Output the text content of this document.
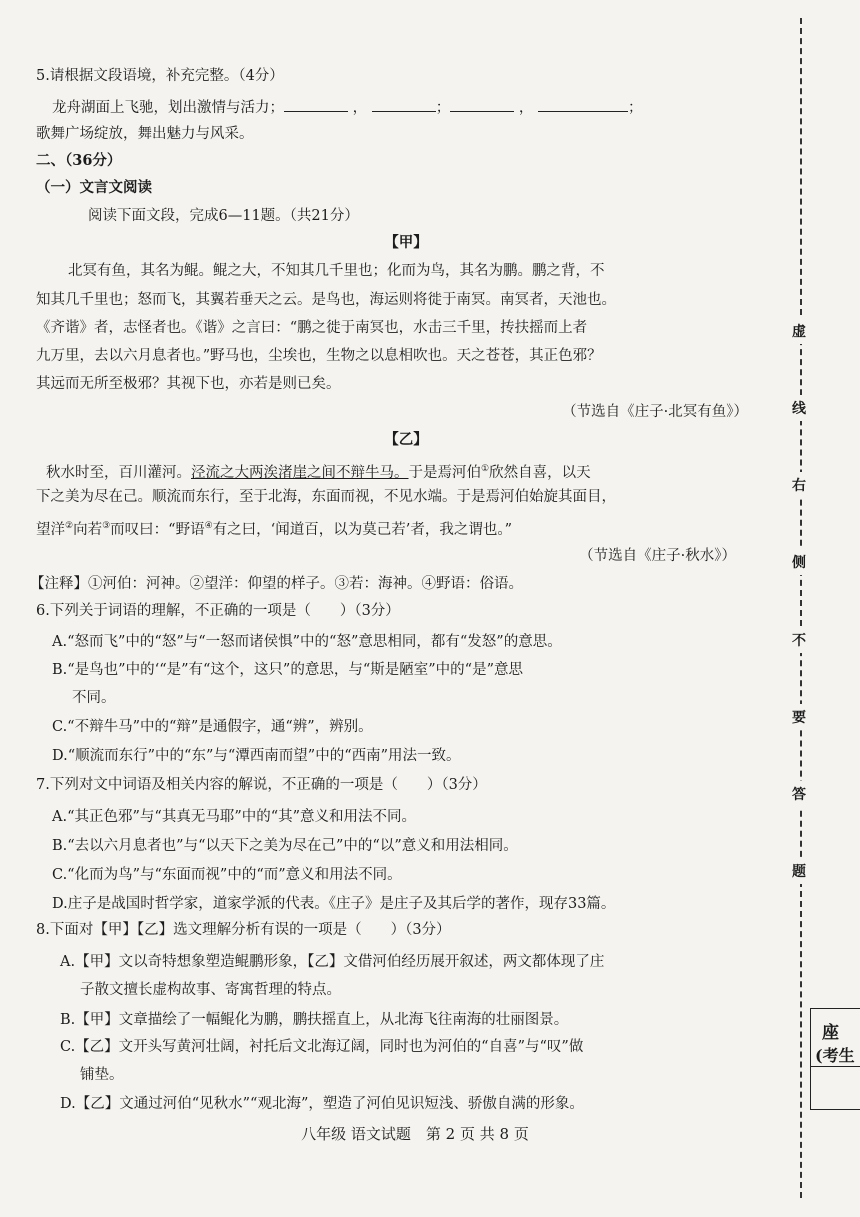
5.请根据文段语境，补充完整。（4分）
龙舟湖面上飞驰，划出激情与活力；	，	；	，	；
歌舞广场绽放，舞出魅力与风采。
二、（36分）
（一）文言文阅读
阅读下面文段，完成6—11题。（共21分）
【甲】
北冥有鱼，其名为鲲。鲲之大，不知其几千里也；化而为鸟，其名为鹏。鹏之背，不
知其几千里也；怒而飞，其翼若垂天之云。是鸟也，海运则将徙于南冥。南冥者，天池也。
《齐谐》者，志怪者也。《谐》之言曰：“鹏之徙于南冥也，水击三千里，抟扶摇而上者
九万里，去以六月息者也。”野马也，尘埃也，生物之以息相吹也。天之苍苍，其正色邪？
其远而无所至极邪？其视下也，亦若是则已矣。
（节选自《庄子·北冥有鱼》）
【乙】
秋水时至，百川灌河。泾流之大两涘渚崖之间不辩牛马。于是焉河伯①欣然自喜，以天
下之美为尽在己。顺流而东行，至于北海，东面而视，不见水端。于是焉河伯始旋其面目，
望洋②向若③而叹曰：“野语④有之曰，‘闻道百，以为莫己若’者，我之谓也。”
（节选自《庄子·秋水》）
【注释】①河伯：河神。②望洋：仰望的样子。③若：海神。④野语：俗语。
6.下列关于词语的理解，不正确的一项是（　　）（3分）
A.“怒而飞”中的“怒”与“一怒而诸侯惧”中的“怒”意思相同，都有“发怒”的意思。
B.“是鸟也”中的‘“是”有“这个，这只”的意思，与“斯是陋室”中的“是”意思
不同。
C.“不辩牛马”中的“辩”是通假字，通“辨”，辨别。
D.“顺流而东行”中的“东”与“潭西南而望”中的“西南”用法一致。
7.下列对文中词语及相关内容的解说，不正确的一项是（　　）（3分）
A.“其正色邪”与“其真无马耶”中的“其”意义和用法不同。
B.“去以六月息者也”与“以天下之美为尽在己”中的“以”意义和用法相同。
C.“化而为鸟”与“东面而视”中的“而”意义和用法不同。
D.庄子是战国时哲学家，道家学派的代表。《庄子》是庄子及其后学的著作，现存33篇。
8.下面对【甲】【乙】选文理解分析有误的一项是（　　）（3分）
A.【甲】文以奇特想象塑造鲲鹏形象，【乙】文借河伯经历展开叙述，两文都体现了庄
子散文擅长虚构故事、寄寓哲理的特点。
B.【甲】文章描绘了一幅鲲化为鹏，鹏扶摇直上，从北海飞往南海的壮丽图景。
C.【乙】文开头写黄河壮阔，衬托后文北海辽阔，同时也为河伯的“自喜”与“叹”做
铺垫。
D.【乙】文通过河伯“见秋水”“观北海”，塑造了河伯见识短浅、骄傲自满的形象。
八年级 语文试题　第 2 页 共 8 页
虚
线
右
侧
不
要
答
题
座
(考生
